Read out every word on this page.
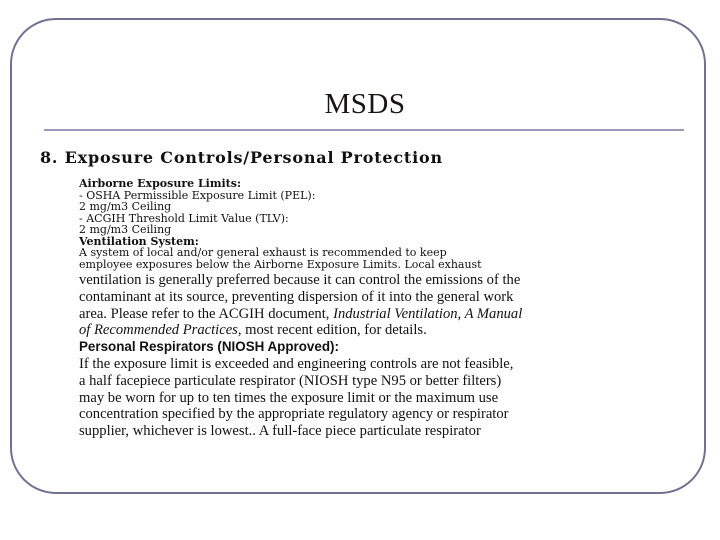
MSDS
8. Exposure Controls/Personal Protection
Airborne Exposure Limits:
- OSHA Permissible Exposure Limit (PEL):
2 mg/m3 Ceiling
- ACGIH Threshold Limit Value (TLV):
2 mg/m3 Ceiling
Ventilation System:
A system of local and/or general exhaust is recommended to keep
employee exposures below the Airborne Exposure Limits. Local exhaust
ventilation is generally preferred because it can control the emissions of the
contaminant at its source, preventing dispersion of it into the general work
area. Please refer to the ACGIH document, Industrial Ventilation, A Manual
of Recommended Practices, most recent edition, for details.
Personal Respirators (NIOSH Approved):
If the exposure limit is exceeded and engineering controls are not feasible,
a half facepiece particulate respirator (NIOSH type N95 or better filters)
may be worn for up to ten times the exposure limit or the maximum use
concentration specified by the appropriate regulatory agency or respirator
supplier, whichever is lowest.. A full-face piece particulate respirator
